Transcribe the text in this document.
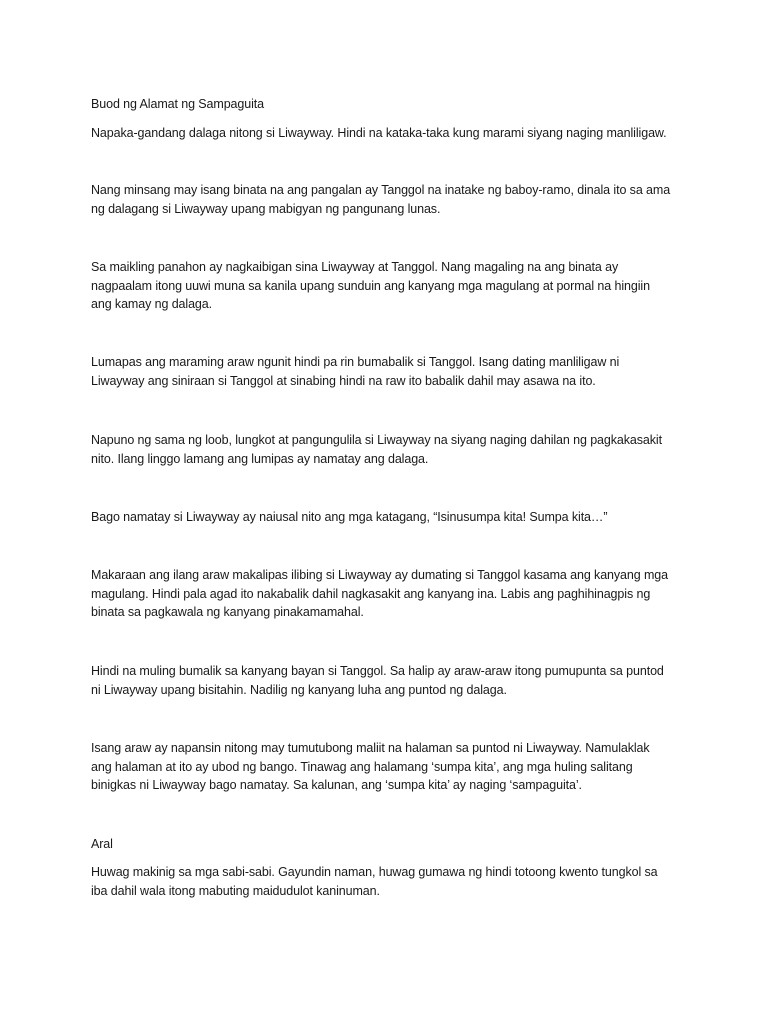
Buod ng Alamat ng Sampaguita

Napaka-gandang dalaga nitong si Liwayway. Hindi na kataka-taka kung marami siyang naging manliligaw.

Nang minsang may isang binata na ang pangalan ay Tanggol na inatake ng baboy-ramo, dinala ito sa ama
ng dalagang si Liwayway upang mabigyan ng pangunang lunas.

Sa maikling panahon ay nagkaibigan sina Liwayway at Tanggol. Nang magaling na ang binata ay
nagpaalam itong uuwi muna sa kanila upang sunduin ang kanyang mga magulang at pormal na hingiin
ang kamay ng dalaga.

Lumapas ang maraming araw ngunit hindi pa rin bumabalik si Tanggol. Isang dating manliligaw ni
Liwayway ang siniraan si Tanggol at sinabing hindi na raw ito babalik dahil may asawa na ito.

Napuno ng sama ng loob, lungkot at pangungulila si Liwayway na siyang naging dahilan ng pagkakasakit
nito. Ilang linggo lamang ang lumipas ay namatay ang dalaga.

Bago namatay si Liwayway ay naiusal nito ang mga katagang, “Isinusumpa kita! Sumpa kita…”

Makaraan ang ilang araw makalipas ilibing si Liwayway ay dumating si Tanggol kasama ang kanyang mga
magulang. Hindi pala agad ito nakabalik dahil nagkasakit ang kanyang ina. Labis ang paghihinagpis ng
binata sa pagkawala ng kanyang pinakamamahal.

Hindi na muling bumalik sa kanyang bayan si Tanggol. Sa halip ay araw-araw itong pumupunta sa puntod
ni Liwayway upang bisitahin. Nadilig ng kanyang luha ang puntod ng dalaga.

Isang araw ay napansin nitong may tumutubong maliit na halaman sa puntod ni Liwayway. Namulaklak
ang halaman at ito ay ubod ng bango. Tinawag ang halamang ‘sumpa kita’, ang mga huling salitang
binigkas ni Liwayway bago namatay. Sa kalunan, ang ‘sumpa kita’ ay naging ‘sampaguita’.

Aral

Huwag makinig sa mga sabi-sabi. Gayundin naman, huwag gumawa ng hindi totoong kwento tungkol sa
iba dahil wala itong mabuting maidudulot kaninuman.
